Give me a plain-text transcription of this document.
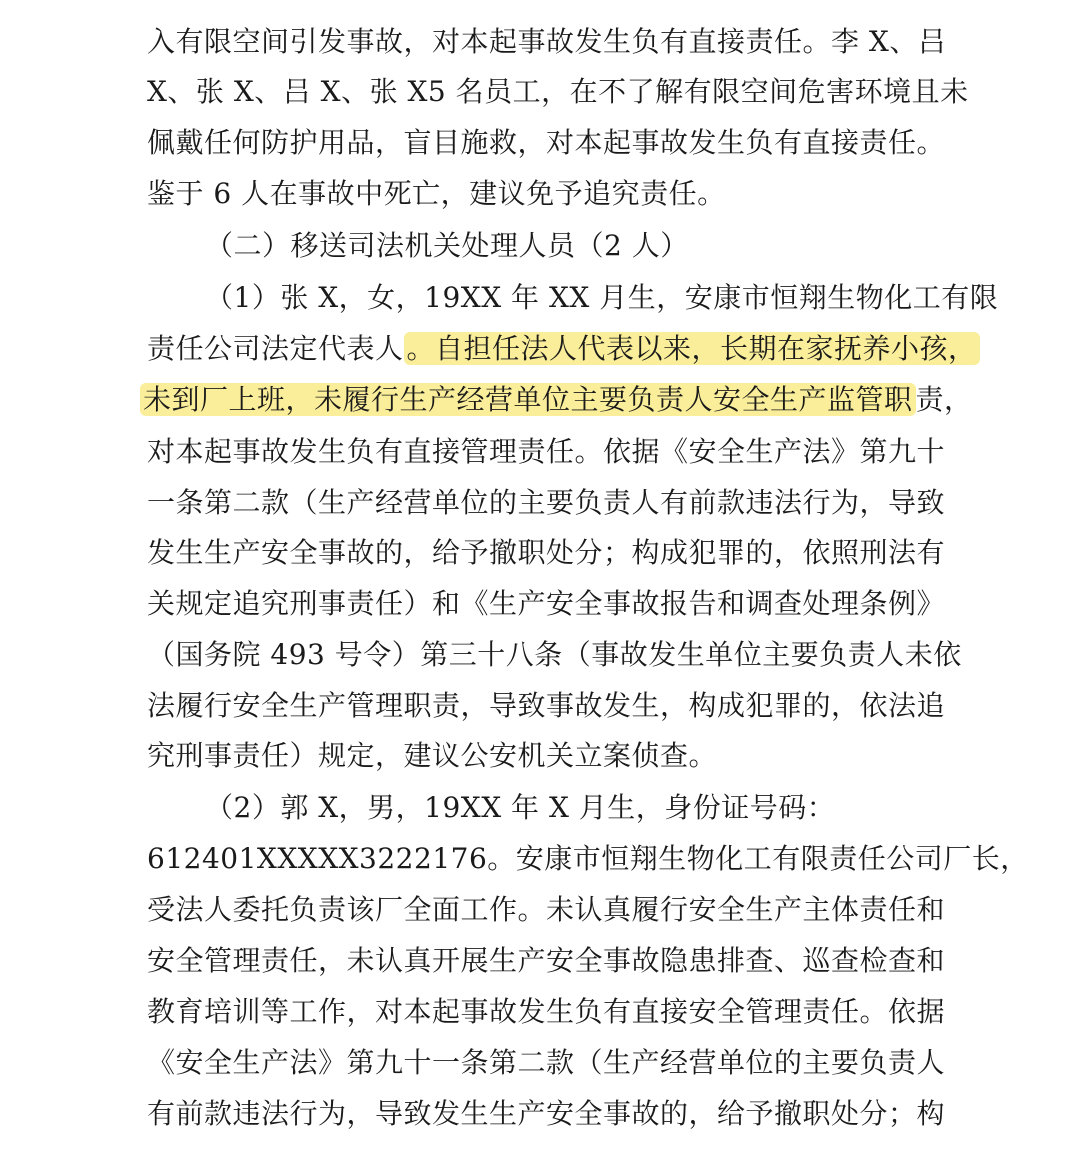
入有限空间引发事故，对本起事故发生负有直接责任。李 X、吕
X、张 X、吕 X、张 X5 名员工，在不了解有限空间危害环境且未
佩戴任何防护用品，盲目施救，对本起事故发生负有直接责任。
鉴于 6 人在事故中死亡，建议免予追究责任。
（二）移送司法机关处理人员（2 人）
（1）张 X，女，19XX 年 XX 月生，安康市恒翔生物化工有限
责任公司法定代表人 。自担任法人代表以来，长期在家抚养小孩，
未到厂上班，未履行生产经营单位主要负责人安全生产监管职 责，
对本起事故发生负有直接管理责任。依据《安全生产法》第九十
一条第二款（生产经营单位的主要负责人有前款违法行为，导致
发生生产安全事故的，给予撤职处分；构成犯罪的，依照刑法有
关规定追究刑事责任）和《生产安全事故报告和调查处理条例》
（国务院 493 号令）第三十八条（事故发生单位主要负责人未依
法履行安全生产管理职责，导致事故发生，构成犯罪的，依法追
究刑事责任）规定，建议公安机关立案侦查。
（2）郭 X，男，19XX 年 X 月生，身份证号码：
612401XXXXX3222176。安康市恒翔生物化工有限责任公司厂长，
受法人委托负责该厂全面工作。未认真履行安全生产主体责任和
安全管理责任，未认真开展生产安全事故隐患排查、巡查检查和
教育培训等工作，对本起事故发生负有直接安全管理责任。依据
《安全生产法》第九十一条第二款（生产经营单位的主要负责人
有前款违法行为，导致发生生产安全事故的，给予撤职处分；构
